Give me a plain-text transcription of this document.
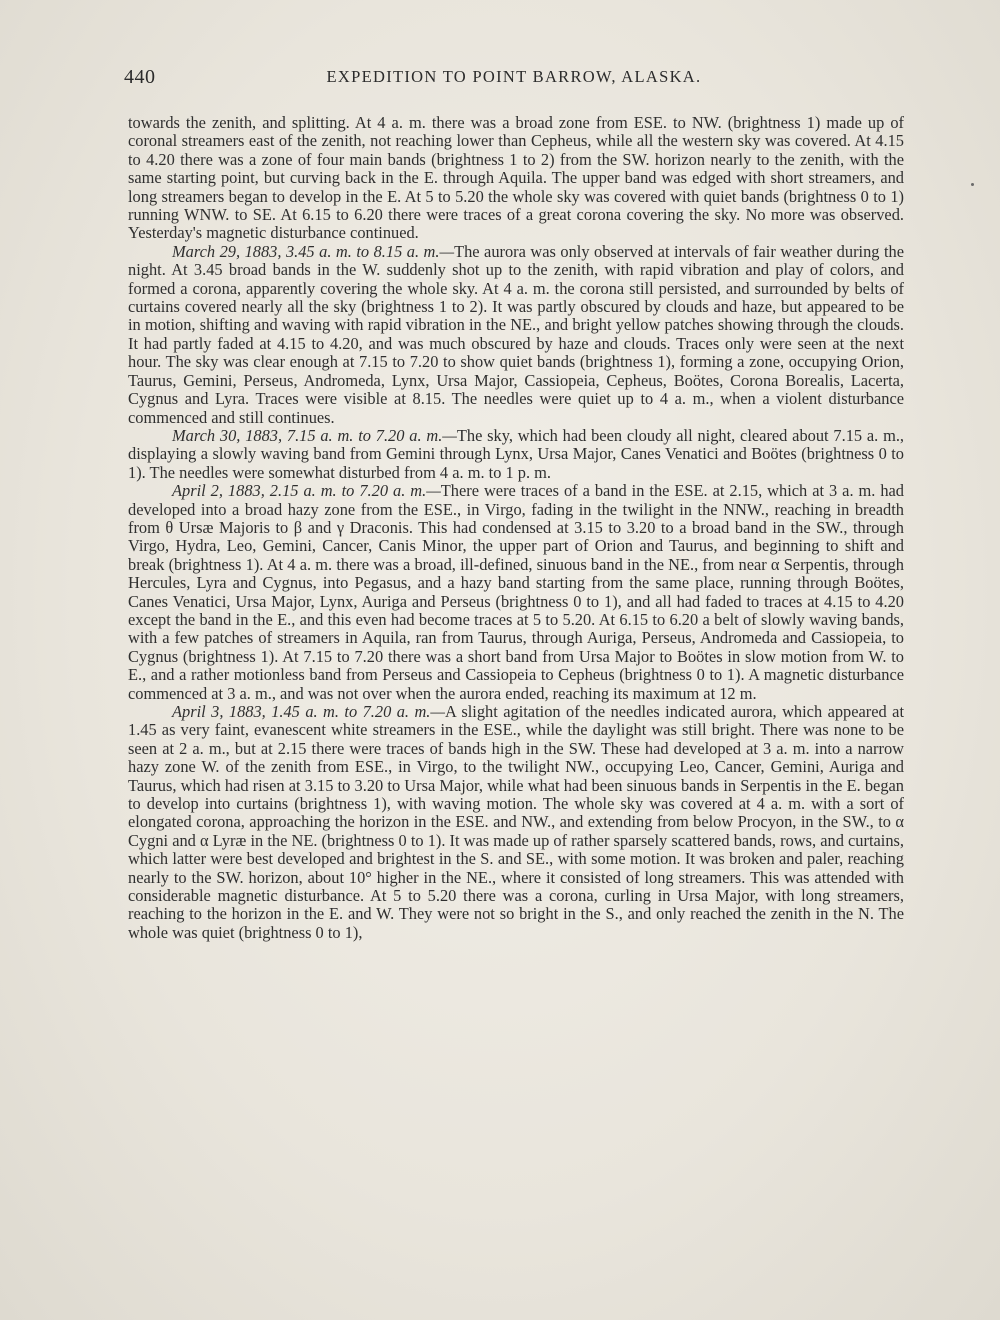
440	EXPEDITION TO POINT BARROW, ALASKA.

towards the zenith, and splitting. At 4 a. m. there was a broad zone from ESE. to NW. (brightness 1) made up of coronal streamers east of the zenith, not reaching lower than Cepheus, while all the western sky was covered. At 4.15 to 4.20 there was a zone of four main bands (brightness 1 to 2) from the SW. horizon nearly to the zenith, with the same starting point, but curving back in the E. through Aquila. The upper band was edged with short streamers, and long streamers began to develop in the E. At 5 to 5.20 the whole sky was covered with quiet bands (brightness 0 to 1) running WNW. to SE. At 6.15 to 6.20 there were traces of a great corona covering the sky. No more was observed. Yesterday's magnetic disturbance continued.

March 29, 1883, 3.45 a. m. to 8.15 a. m.—The aurora was only observed at intervals of fair weather during the night. At 3.45 broad bands in the W. suddenly shot up to the zenith, with rapid vibration and play of colors, and formed a corona, apparently covering the whole sky. At 4 a. m. the corona still persisted, and surrounded by belts of curtains covered nearly all the sky (brightness 1 to 2). It was partly obscured by clouds and haze, but appeared to be in motion, shifting and waving with rapid vibration in the NE., and bright yellow patches showing through the clouds. It had partly faded at 4.15 to 4.20, and was much obscured by haze and clouds. Traces only were seen at the next hour. The sky was clear enough at 7.15 to 7.20 to show quiet bands (brightness 1), forming a zone, occupying Orion, Taurus, Gemini, Perseus, Andromeda, Lynx, Ursa Major, Cassiopeia, Cepheus, Boötes, Corona Borealis, Lacerta, Cygnus and Lyra. Traces were visible at 8.15. The needles were quiet up to 4 a. m., when a violent disturbance commenced and still continues.

March 30, 1883, 7.15 a. m. to 7.20 a. m.—The sky, which had been cloudy all night, cleared about 7.15 a. m., displaying a slowly waving band from Gemini through Lynx, Ursa Major, Canes Venatici and Boötes (brightness 0 to 1). The needles were somewhat disturbed from 4 a. m. to 1 p. m.

April 2, 1883, 2.15 a. m. to 7.20 a. m.—There were traces of a band in the ESE. at 2.15, which at 3 a. m. had developed into a broad hazy zone from the ESE., in Virgo, fading in the twilight in the NNW., reaching in breadth from θ Ursæ Majoris to β and γ Draconis. This had condensed at 3.15 to 3.20 to a broad band in the SW., through Virgo, Hydra, Leo, Gemini, Cancer, Canis Minor, the upper part of Orion and Taurus, and beginning to shift and break (brightness 1). At 4 a. m. there was a broad, ill-defined, sinuous band in the NE., from near α Serpentis, through Hercules, Lyra and Cygnus, into Pegasus, and a hazy band starting from the same place, running through Boötes, Canes Venatici, Ursa Major, Lynx, Auriga and Perseus (brightness 0 to 1), and all had faded to traces at 4.15 to 4.20 except the band in the E., and this even had become traces at 5 to 5.20. At 6.15 to 6.20 a belt of slowly waving bands, with a few patches of streamers in Aquila, ran from Taurus, through Auriga, Perseus, Andromeda and Cassiopeia, to Cygnus (brightness 1). At 7.15 to 7.20 there was a short band from Ursa Major to Boötes in slow motion from W. to E., and a rather motionless band from Perseus and Cassiopeia to Cepheus (brightness 0 to 1). A magnetic disturbance commenced at 3 a. m., and was not over when the aurora ended, reaching its maximum at 12 m.

April 3, 1883, 1.45 a. m. to 7.20 a. m.—A slight agitation of the needles indicated aurora, which appeared at 1.45 as very faint, evanescent white streamers in the ESE., while the daylight was still bright. There was none to be seen at 2 a. m., but at 2.15 there were traces of bands high in the SW. These had developed at 3 a. m. into a narrow hazy zone W. of the zenith from ESE., in Virgo, to the twilight NW., occupying Leo, Cancer, Gemini, Auriga and Taurus, which had risen at 3.15 to 3.20 to Ursa Major, while what had been sinuous bands in Serpentis in the E. began to develop into curtains (brightness 1), with waving motion. The whole sky was covered at 4 a. m. with a sort of elongated corona, approaching the horizon in the ESE. and NW., and extending from below Procyon, in the SW., to α Cygni and α Lyræ in the NE. (brightness 0 to 1). It was made up of rather sparsely scattered bands, rows, and curtains, which latter were best developed and brightest in the S. and SE., with some motion. It was broken and paler, reaching nearly to the SW. horizon, about 10° higher in the NE., where it consisted of long streamers. This was attended with considerable magnetic disturbance. At 5 to 5.20 there was a corona, curling in Ursa Major, with long streamers, reaching to the horizon in the E. and W. They were not so bright in the S., and only reached the zenith in the N. The whole was quiet (brightness 0 to 1),
